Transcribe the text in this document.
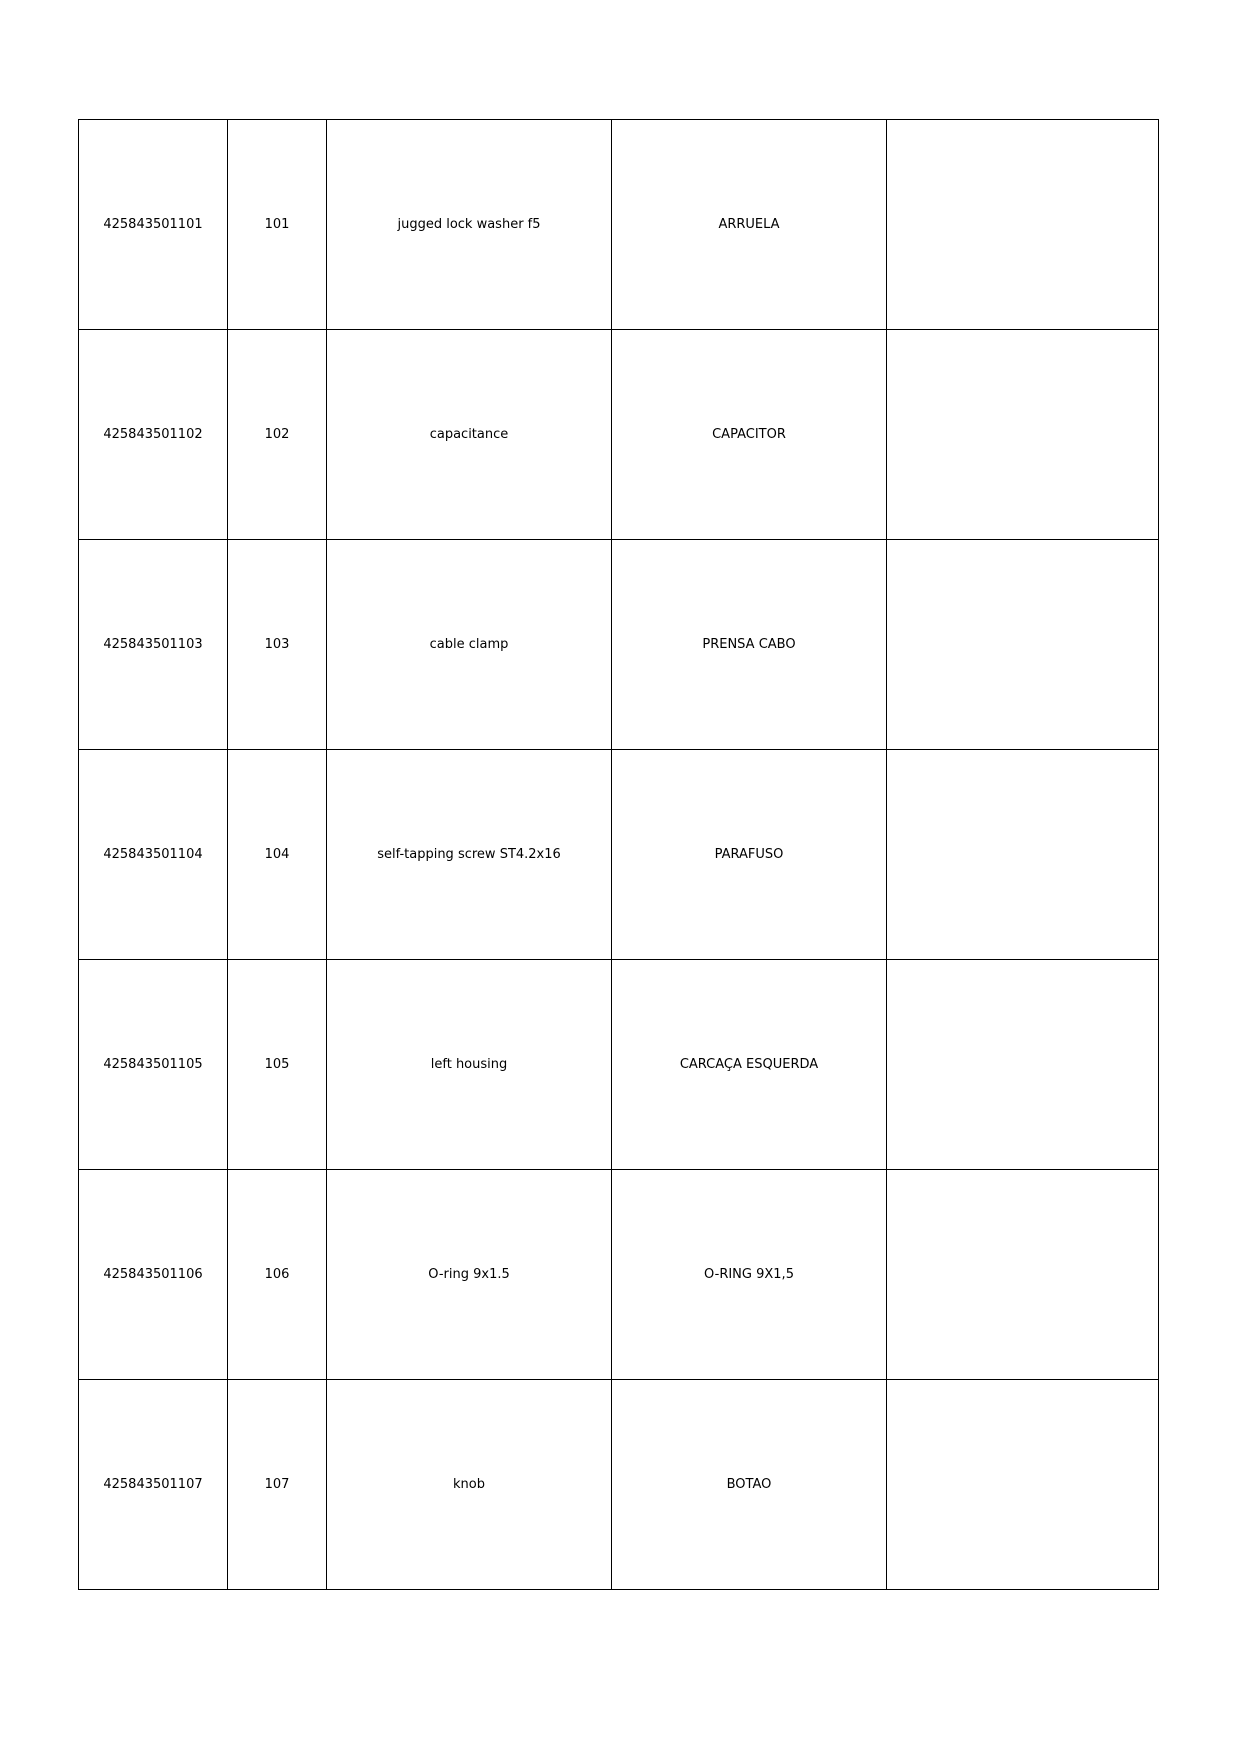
425843501101	101	jugged lock washer f5	ARRUELA	
425843501102	102	capacitance	CAPACITOR	
425843501103	103	cable clamp	PRENSA CABO	
425843501104	104	self-tapping screw ST4.2x16	PARAFUSO	
425843501105	105	left housing	CARCAÇA ESQUERDA	
425843501106	106	O-ring 9x1.5	O-RING 9X1,5	
425843501107	107	knob	BOTAO	
